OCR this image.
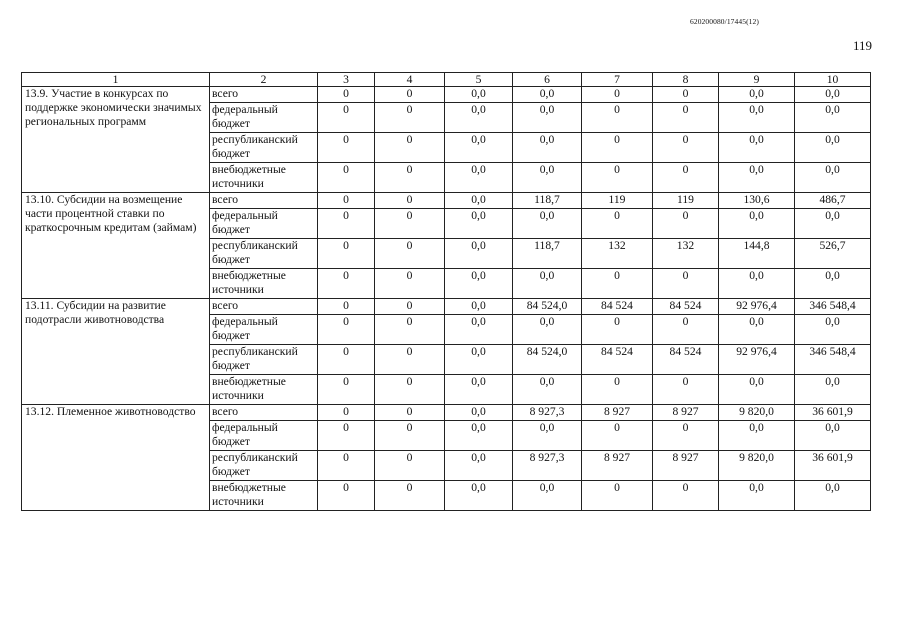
620200080/17445(12)
119
1	2	3	4	5	6	7	8	9	10
13.9. Участие в конкурсах по поддержке экономически значимых региональных программ	всего	0	0	0,0	0,0	0	0	0,0	0,0
	федеральный бюджет	0	0	0,0	0,0	0	0	0,0	0,0
	республиканский бюджет	0	0	0,0	0,0	0	0	0,0	0,0
	внебюджетные источники	0	0	0,0	0,0	0	0	0,0	0,0
13.10. Субсидии на возмещение части процентной ставки по краткосрочным кредитам (займам)	всего	0	0	0,0	118,7	119	119	130,6	486,7
	федеральный бюджет	0	0	0,0	0,0	0	0	0,0	0,0
	республиканский бюджет	0	0	0,0	118,7	132	132	144,8	526,7
	внебюджетные источники	0	0	0,0	0,0	0	0	0,0	0,0
13.11. Субсидии на развитие подотрасли животноводства	всего	0	0	0,0	84 524,0	84 524	84 524	92 976,4	346 548,4
	федеральный бюджет	0	0	0,0	0,0	0	0	0,0	0,0
	республиканский бюджет	0	0	0,0	84 524,0	84 524	84 524	92 976,4	346 548,4
	внебюджетные источники	0	0	0,0	0,0	0	0	0,0	0,0
13.12. Племенное животноводство	всего	0	0	0,0	8 927,3	8 927	8 927	9 820,0	36 601,9
	федеральный бюджет	0	0	0,0	0,0	0	0	0,0	0,0
	республиканский бюджет	0	0	0,0	8 927,3	8 927	8 927	9 820,0	36 601,9
	внебюджетные источники	0	0	0,0	0,0	0	0	0,0	0,0
